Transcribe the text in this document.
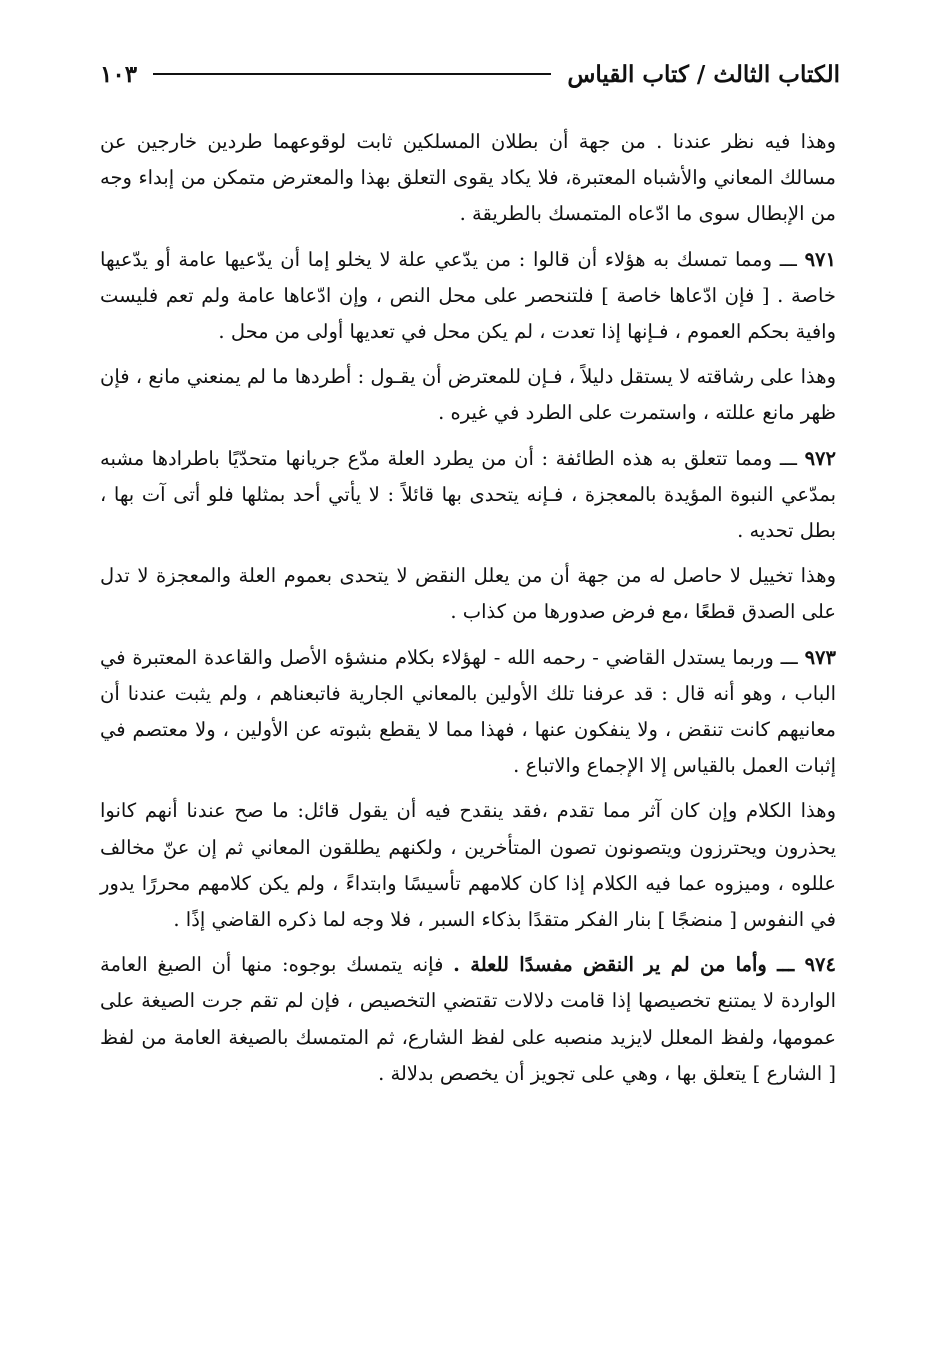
الكتاب الثالث / كتاب القياس
١٠٣

وهذا فيه نظر عندنا . من جهة أن بطلان المسلكين ثابت لوقوعهما طردين خارجين عن مسالك المعاني والأشباه المعتبرة، فلا يكاد يقوى التعلق بهذا والمعترض متمكن من إبداء وجه من الإبطال سوى ما ادّعاه المتمسك بالطريقة .

٩٧١ ـــ ومما تمسك به هؤلاء أن قالوا : من يدّعي علة لا يخلو إما أن يدّعيها عامة أو يدّعيها خاصة . [ فإن ادّعاها خاصة ] فلتنحصر على محل النص ، وإن ادّعاها عامة ولم تعم فليست وافية بحكم العموم ، فـإنها إذا تعدت ، لم يكن محل في تعديها أولى من محل .

وهذا على رشاقته لا يستقل دليلاً ، فـإن للمعترض أن يقـول : أطردها ما لم يمنعني مانع ، فإن ظهر مانع عللته ، واستمرت على الطرد في غيره .

٩٧٢ ـــ ومما تتعلق به هذه الطائفة : أن من يطرد العلة مدّع جريانها متحدّيًا باطرادها مشبه بمدّعي النبوة المؤيدة بالمعجزة ، فـإنه يتحدى بها قائلاً : لا يأتي أحد بمثلها فلو أتى آت بها ، بطل تحديه .

وهذا تخييل لا حاصل له من جهة أن من يعلل النقض لا يتحدى بعموم العلة والمعجزة لا تدل على الصدق قطعًا ،مع فرض صدورها من كذاب .

٩٧٣ ـــ وربما يستدل القاضي - رحمه الله - لهؤلاء بكلام منشؤه الأصل والقاعدة المعتبرة في الباب ، وهو أنه قال : قد عرفنا تلك الأولين بالمعاني الجارية فاتبعناهم ، ولم يثبت عندنا أن معانيهم كانت تنقض ، ولا ينفكون عنها ، فهذا مما لا يقطع بثبوته عن الأولين ، ولا معتصم في إثبات العمل بالقياس إلا الإجماع والاتباع .

وهذا الكلام وإن كان آثر مما تقدم ،فقد ينقدح فيه أن يقول قائل: ما صح عندنا أنهم كانوا يحذرون ويحترزون ويتصونون تصون المتأخرين ، ولكنهم يطلقون المعاني ثم إن عنّ مخالف عللوه ، وميزوه عما فيه الكلام إذا كان كلامهم تأسيسًا وابتداءً ، ولم يكن كلامهم محررًا يدور في النفوس [ منضجًا ] بنار الفكر متقدًا بذكاء السبر ، فلا وجه لما ذكره القاضي إذًا .

٩٧٤ ـــ وأما من لم ير النقض مفسدًا للعلة . فإنه يتمسك بوجوه: منها أن الصيغ العامة الواردة لا يمتنع تخصيصها إذا قامت دلالات تقتضي التخصيص ، فإن لم تقم جرت الصيغة على عمومها، ولفظ المعلل لايزيد منصبه على لفظ الشارع، ثم المتمسك بالصيغة العامة من لفظ [ الشارع ] يتعلق بها ، وهي على تجويز أن يخصص بدلالة .
